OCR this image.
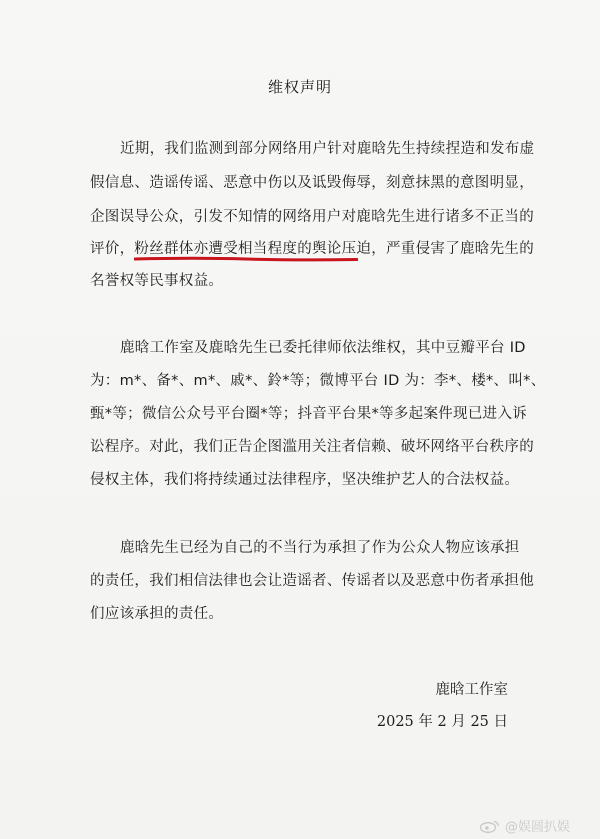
维权声明
近期，我们监测到部分网络用户针对鹿晗先生持续捏造和发布虚
假信息、造谣传谣、恶意中伤以及诋毁侮辱，刻意抹黑的意图明显，
企图误导公众，引发不知情的网络用户对鹿晗先生进行诸多不正当的
评价，粉丝群体亦遭受相当程度的舆论压迫，严重侵害了鹿晗先生的
名誉权等民事权益。
鹿晗工作室及鹿晗先生已委托律师依法维权，其中豆瓣平台 ID
为：m*、备*、m*、戚*、鈴*等；微博平台 ID 为：李*、楼*、叫*、
甄*等；微信公众号平台圈*等；抖音平台果*等多起案件现已进入诉
讼程序。对此，我们正告企图滥用关注者信赖、破坏网络平台秩序的
侵权主体，我们将持续通过法律程序，坚决维护艺人的合法权益。
鹿晗先生已经为自己的不当行为承担了作为公众人物应该承担
的责任，我们相信法律也会让造谣者、传谣者以及恶意中伤者承担他
们应该承担的责任。
鹿晗工作室
2025 年 2 月 25 日
@娱圆扒娱
